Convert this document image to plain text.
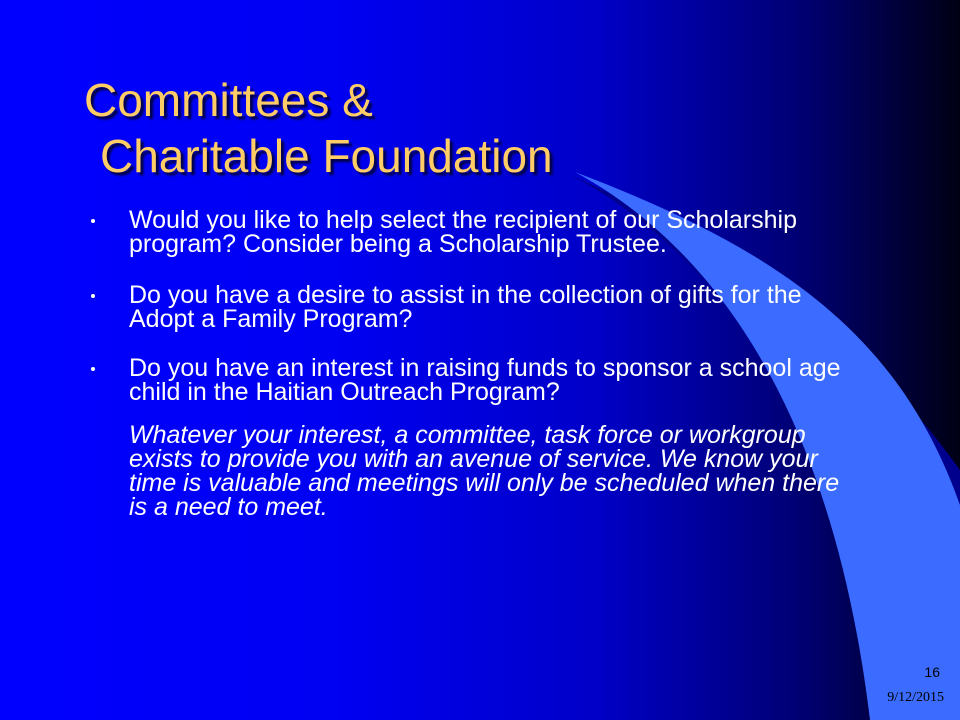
Committees &
Charitable Foundation
Would you like to help select the recipient of our Scholarship program? Consider being a Scholarship Trustee.
Do you have a desire to assist in the collection of gifts for the Adopt a Family Program?
Do you have an interest in raising funds to sponsor a school age child in the Haitian Outreach Program?
Whatever your interest, a committee, task force or workgroup exists to provide you with an avenue of service. We know your time is valuable and meetings will only be scheduled when there is a need to meet.
16
9/12/2015
